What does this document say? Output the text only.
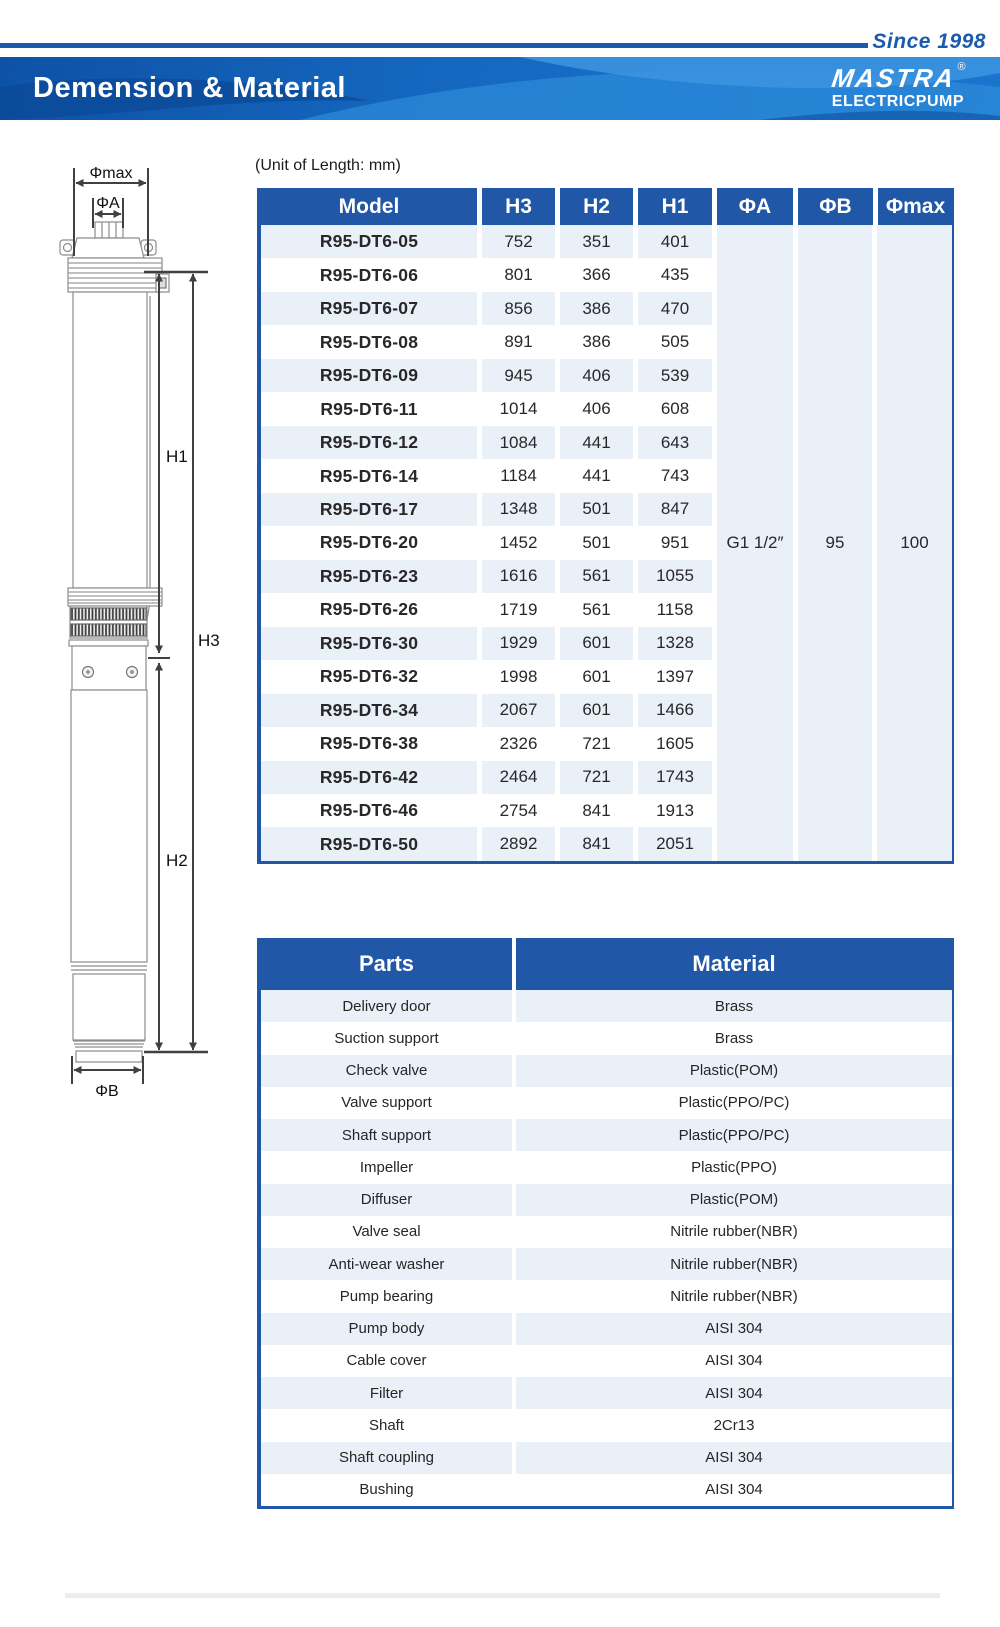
Since 1998
Demension & Material	MASTRA®
ELECTRICPUMP
(Unit of Length: mm)
Φmax
ΦA
H1
H3
H2
ΦB
Model	H3	H2	H1	ΦA	ΦB	Φmax
G1 1/2″	95	100
R95-DT6-05	752	351	401
R95-DT6-06	801	366	435
R95-DT6-07	856	386	470
R95-DT6-08	891	386	505
R95-DT6-09	945	406	539
R95-DT6-11	1014	406	608
R95-DT6-12	1084	441	643
R95-DT6-14	1184	441	743
R95-DT6-17	1348	501	847
R95-DT6-20	1452	501	951
R95-DT6-23	1616	561	1055
R95-DT6-26	1719	561	1158
R95-DT6-30	1929	601	1328
R95-DT6-32	1998	601	1397
R95-DT6-34	2067	601	1466
R95-DT6-38	2326	721	1605
R95-DT6-42	2464	721	1743
R95-DT6-46	2754	841	1913
R95-DT6-50	2892	841	2051
Parts	Material
Delivery door	Brass
Suction support	Brass
Check valve	Plastic(POM)
Valve support	Plastic(PPO/PC)
Shaft support	Plastic(PPO/PC)
Impeller	Plastic(PPO)
Diffuser	Plastic(POM)
Valve seal	Nitrile rubber(NBR)
Anti-wear washer	Nitrile rubber(NBR)
Pump bearing	Nitrile rubber(NBR)
Pump body	AISI 304
Cable cover	AISI 304
Filter	AISI 304
Shaft	2Cr13
Shaft coupling	AISI 304
Bushing	AISI 304
